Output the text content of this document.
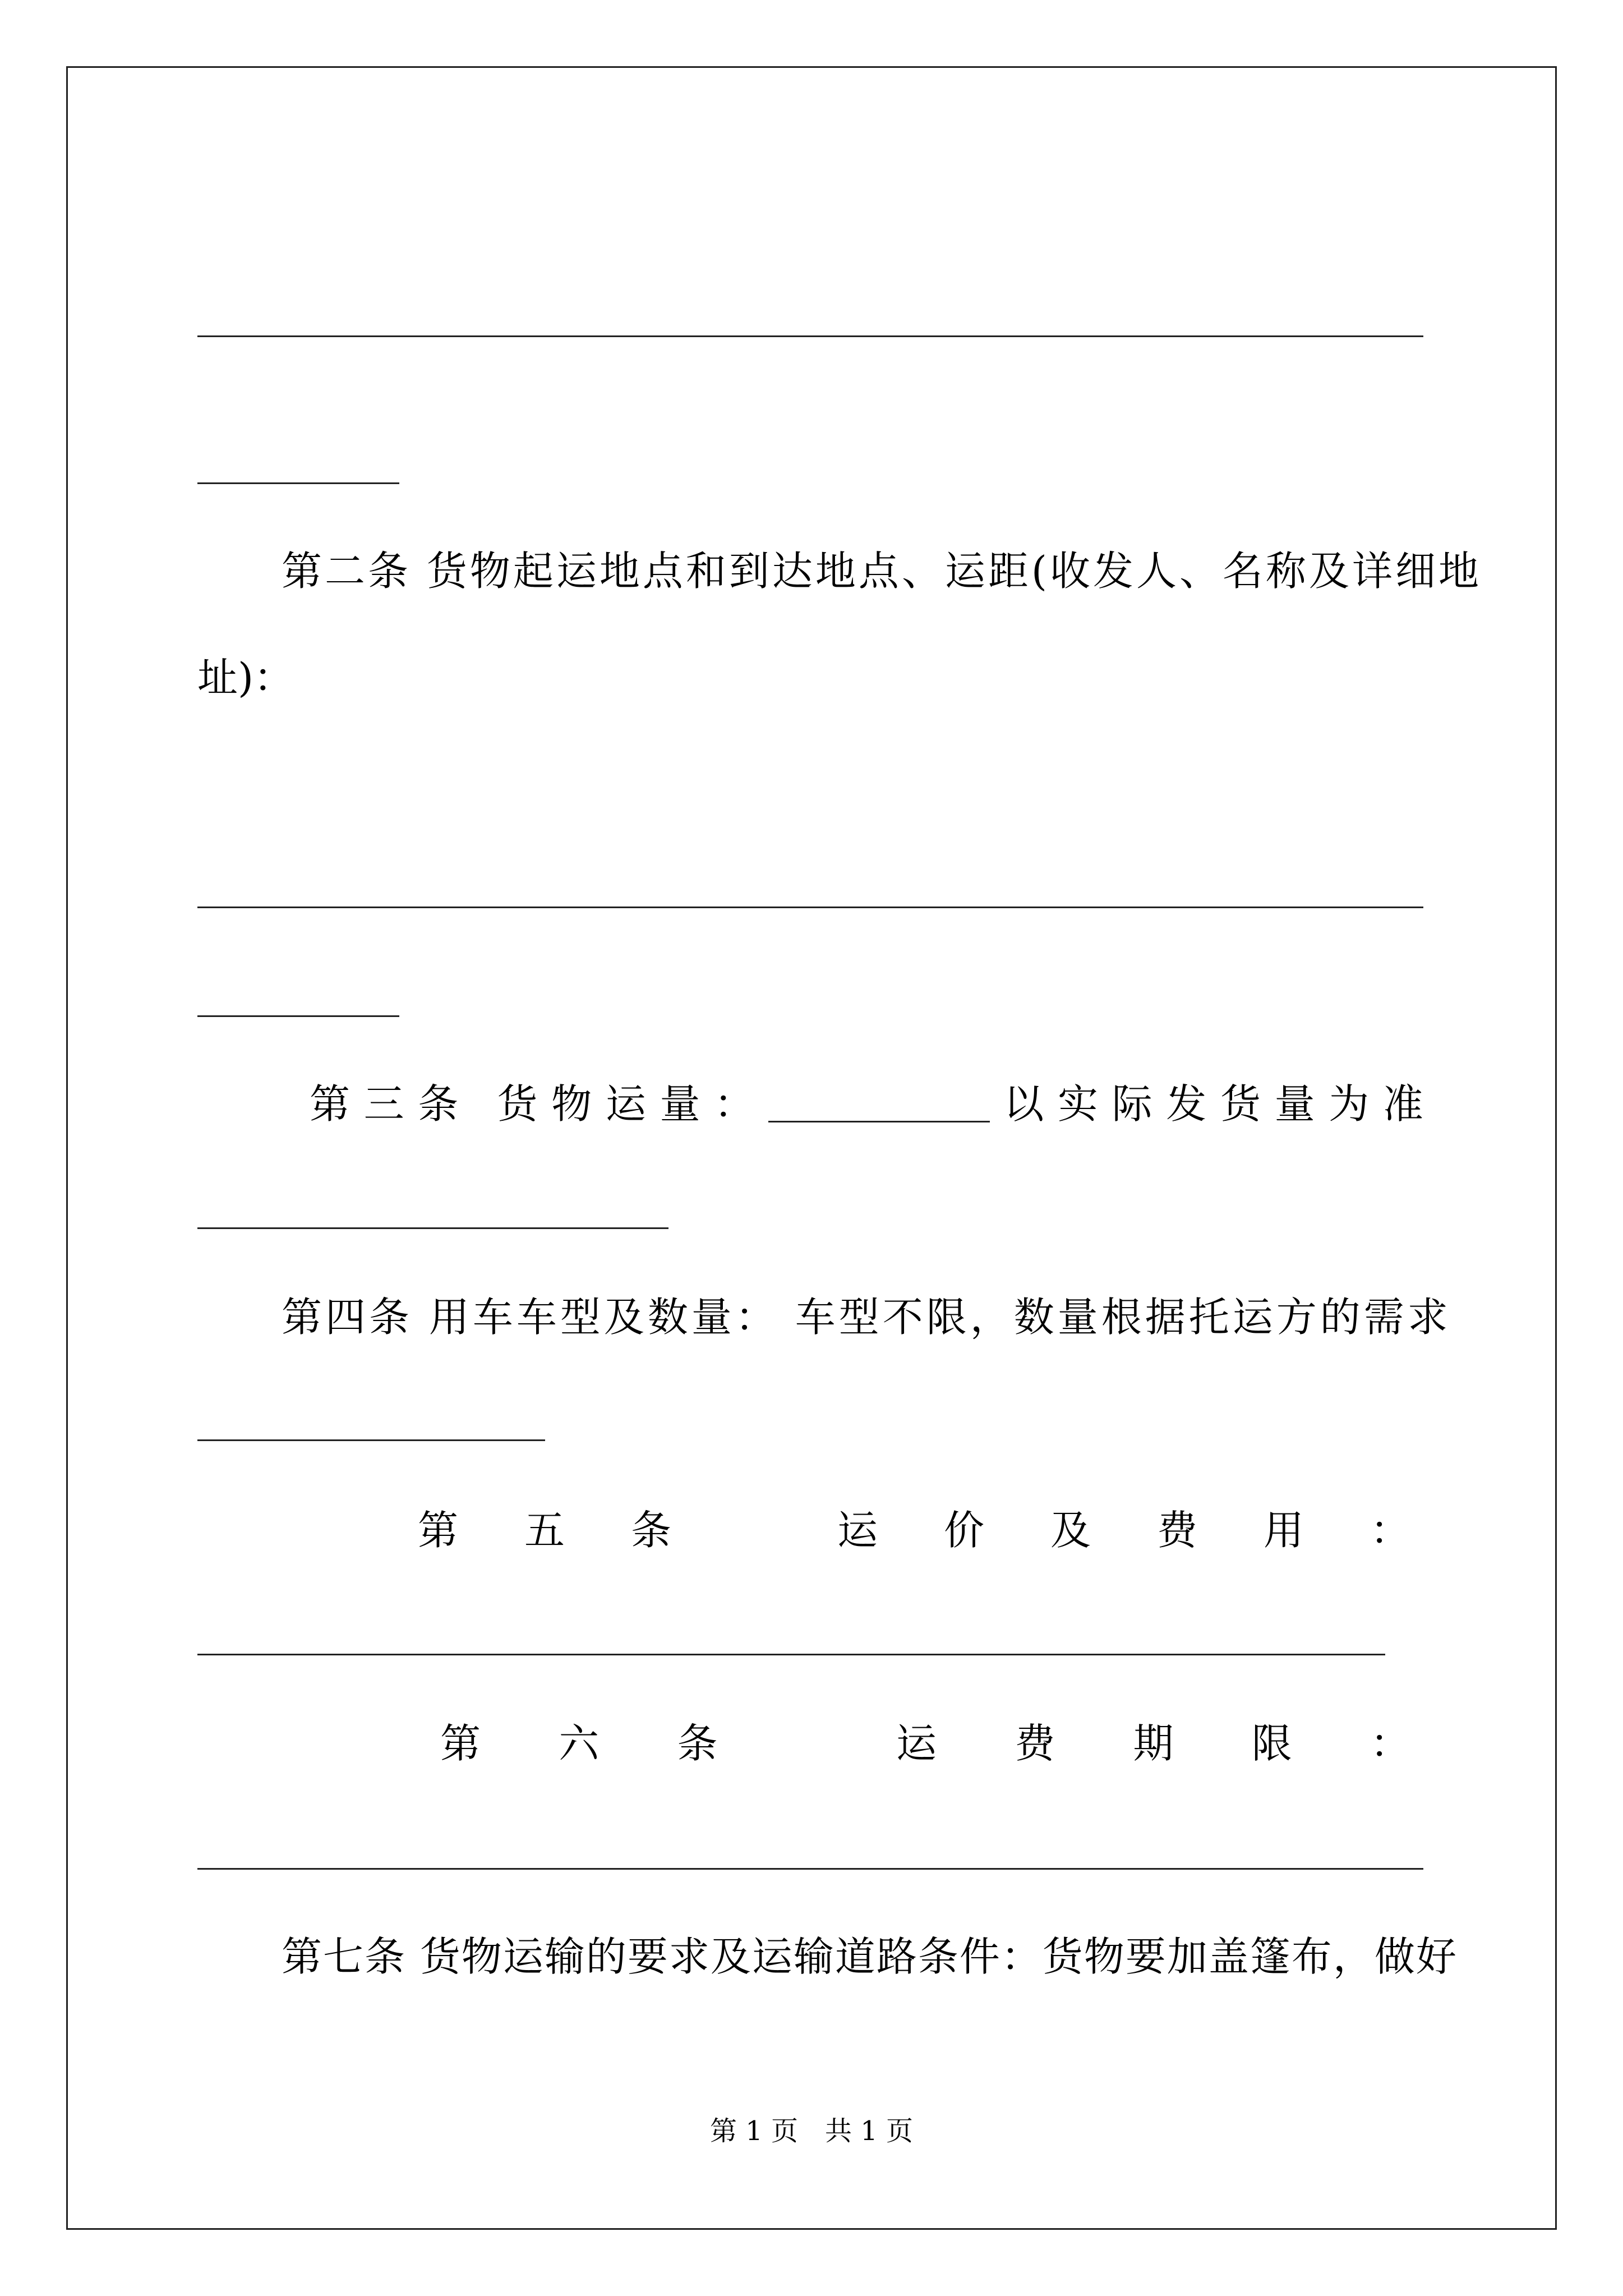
第二条 货物起运地点和到达地点、运距(收发人、名称及详细地
址)：
第 三 条 货 物 运 量 ：	以 实 际 发 货 量 为 准
第四条 用车车型及数量： 车型不限，数量根据托运方的需求
第 五 条	运 价 及 费 用 ：
第 六 条	运 费 期 限 ：
第七条 货物运输的要求及运输道路条件：货物要加盖篷布，做好
第 1 页　共 1 页
